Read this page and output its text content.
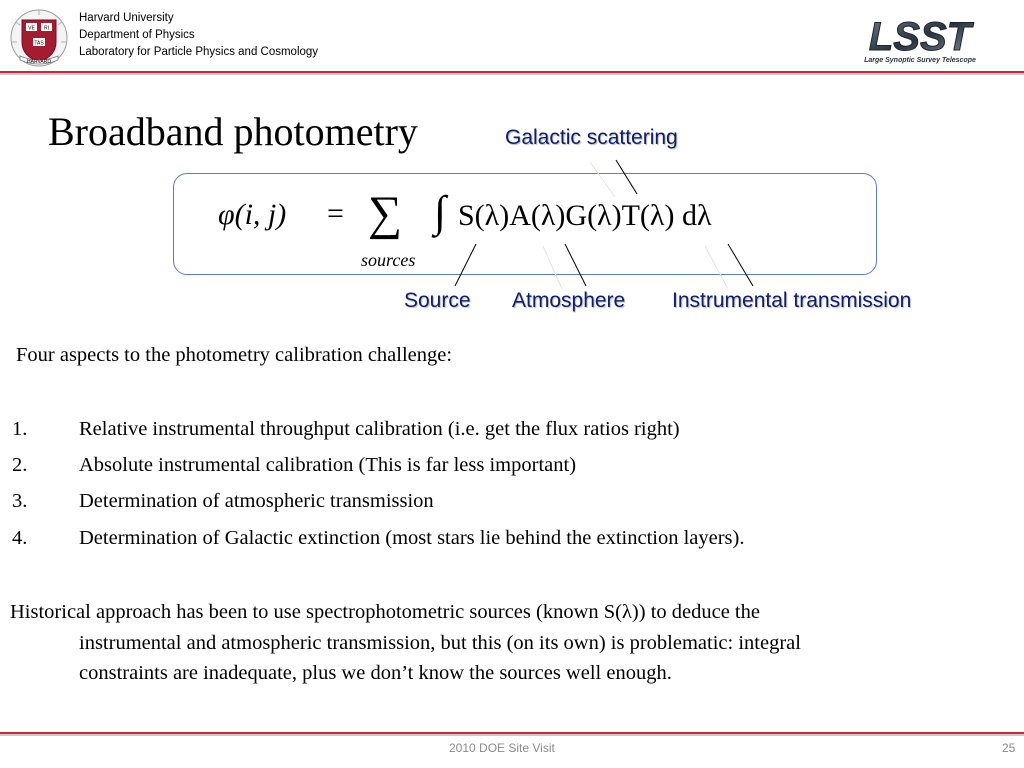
VE RI
TAS
HARVARD
Harvard University
Department of Physics
Laboratory for Particle Physics and Cosmology	LSST
Large Synoptic Survey Telescope
Broadband photometry	Galactic scattering
φ(i, j) = ∑
sources
∫ S(λ)A(λ)G(λ)T(λ) dλ
Source Atmosphere Instrumental transmission
Four aspects to the photometry calibration challenge:
1.	Relative instrumental throughput calibration (i.e. get the flux ratios right)
2.	Absolute instrumental calibration (This is far less important)
3.	Determination of atmospheric transmission
4.	Determination of Galactic extinction (most stars lie behind the extinction layers).
Historical approach has been to use spectrophotometric sources (known S(λ)) to deduce the
instrumental and atmospheric transmission, but this (on its own) is problematic: integral
constraints are inadequate, plus we don’t know the sources well enough.
2010 DOE Site Visit	25
